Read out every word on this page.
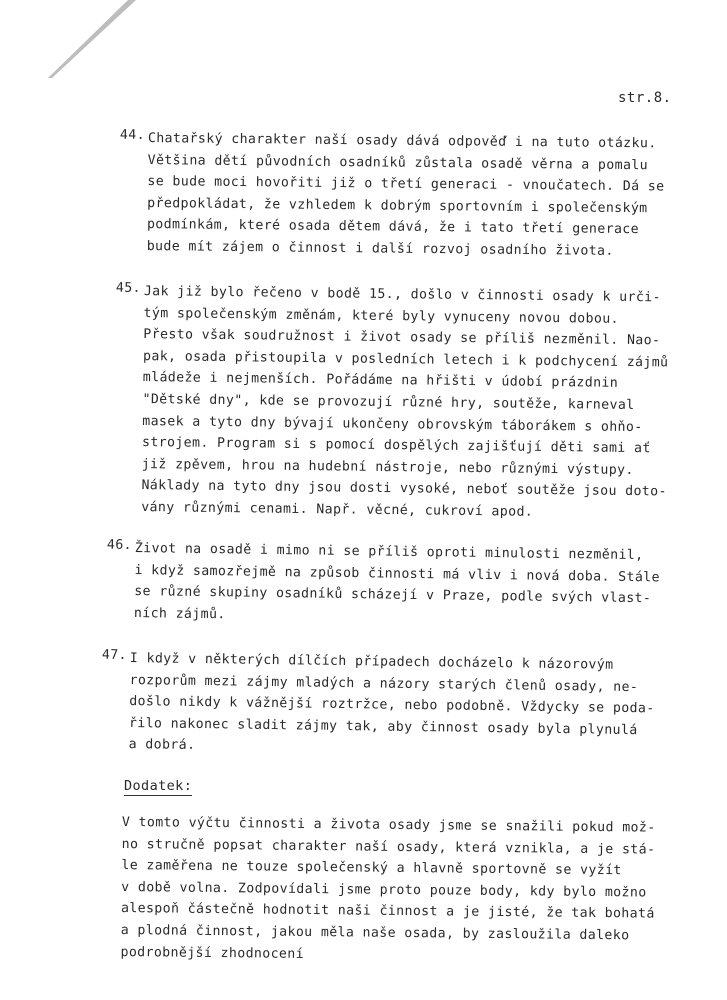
str.8.
44. Chatařský charakter naší osady dává odpověď i na tuto otázku.
Většina dětí původních osadníků zůstala osadě věrna a pomalu
se bude moci hovořiti již o třetí generaci - vnoučatech. Dá se
předpokládat, že vzhledem k dobrým sportovním i společenským
podmínkám, které osada dětem dává, že i tato třetí generace
bude mít zájem o činnost i další rozvoj osadního života.
45. Jak již bylo řečeno v bodě 15., došlo v činnosti osady k urči-
tým společenským změnám, které byly vynuceny novou dobou.
Přesto však soudružnost i život osady se příliš nezměnil. Nao-
pak, osada přistoupila v posledních letech i k podchycení zájmů
mládeže i nejmenších. Pořádáme na hřišti v údobí prázdnin
"Dětské dny", kde se provozují různé hry, soutěže, karneval
masek a tyto dny bývají ukončeny obrovským táborákem s ohňo-
strojem. Program si s pomocí dospělých zajišťují děti sami ať
již zpěvem, hrou na hudební nástroje, nebo různými výstupy.
Náklady na tyto dny jsou dosti vysoké, neboť soutěže jsou doto-
vány různými cenami. Např. věcné, cukroví apod.
46. Život na osadě i mimo ni se příliš oproti minulosti nezměnil,
i když samozřejmě na způsob činnosti má vliv i nová doba. Stále
se různé skupiny osadníků scházejí v Praze, podle svých vlast-
ních zájmů.
47. I když v některých dílčích případech docházelo k názorovým
rozporům mezi zájmy mladých a názory starých členů osady, ne-
došlo nikdy k vážnější roztržce, nebo podobně. Vždycky se poda-
řilo nakonec sladit zájmy tak, aby činnost osady byla plynulá
a dobrá.
Dodatek:
V tomto výčtu činnosti a života osady jsme se snažili pokud mož-
no stručně popsat charakter naší osady, která vznikla, a je stá-
le zaměřena ne touze společenský a hlavně sportovně se vyžít
v době volna. Zodpovídali jsme proto pouze body, kdy bylo možno
alespoň částečně hodnotit naši činnost a je jisté, že tak bohatá
a plodná činnost, jakou měla naše osada, by zasloužila daleko
podrobnější zhodnocení
